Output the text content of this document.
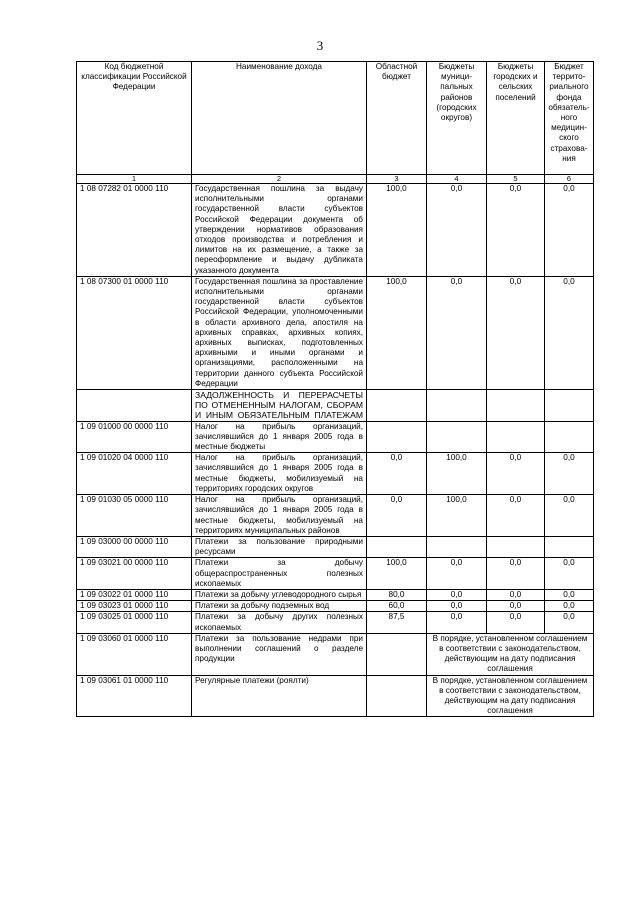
3
Код бюджетной классификации Российской Федерации	Наименование дохода	Областной бюджет	Бюджеты муници-пальных районов (городских округов)	Бюджеты городских и сельских поселений	Бюджет террито-риального фонда обязатель-ного медицин-ского страхова-ния
1	2	3	4	5	6
1 08 07282 01 0000 110	Государственная пошлина за выдачу исполнительными органами государственной власти субъектов Российской Федерации документа об утверждении нормативов образования отходов производства и потребления и лимитов на их размещение, а также за переоформление и выдачу дубликата указанного документа	100,0	0,0	0,0	0,0
1 08 07300 01 0000 110	Государственная пошлина за проставление исполнительными органами государственной власти субъектов Российской Федерации, уполномоченными в области архивного дела, апостиля на архивных справках, архивных копиях, архивных выписках, подготовленных архивными и иными органами и организациями, расположенными на территории данного субъекта Российской Федерации	100,0	0,0	0,0	0,0
	ЗАДОЛЖЕННОСТЬ И ПЕРЕРАСЧЕТЫ ПО ОТМЕНЕННЫМ НАЛОГАМ, СБОРАМ И ИНЫМ ОБЯЗАТЕЛЬНЫМ ПЛАТЕЖАМ				
1 09 01000 00 0000 110	Налог на прибыль организаций, зачислявшийся до 1 января 2005 года в местные бюджеты				
1 09 01020 04 0000 110	Налог на прибыль организаций, зачислявшийся до 1 января 2005 года в местные бюджеты, мобилизуемый на территориях городских округов	0,0	100,0	0,0	0,0
1 09 01030 05 0000 110	Налог на прибыль организаций, зачислявшийся до 1 января 2005 года в местные бюджеты, мобилизуемый на территориях муниципальных районов	0,0	100,0	0,0	0,0
1 09 03000 00 0000 110	Платежи за пользование природными ресурсами				
1 09 03021 00 0000 110	Платежи за добычу общераспространенных полезных ископаемых	100,0	0,0	0,0	0,0
1 09 03022 01 0000 110	Платежи за добычу углеводородного сырья	80,0	0,0	0,0	0,0
1 09 03023 01 0000 110	Платежи за добычу подземных вод	60,0	0,0	0,0	0,0
1 09 03025 01 0000 110	Платежи за добычу других полезных ископаемых	87,5	0,0	0,0	0,0
1 09 03060 01 0000 110	Платежи за пользование недрами при выполнении соглашений о разделе продукции		В порядке, установленном соглашением в соответствии с законодательством, действующим на дату подписания соглашения		
1 09 03061 01 0000 110	Регулярные платежи (роялти)		В порядке, установленном соглашением в соответствии с законодательством, действующим на дату подписания соглашения		
